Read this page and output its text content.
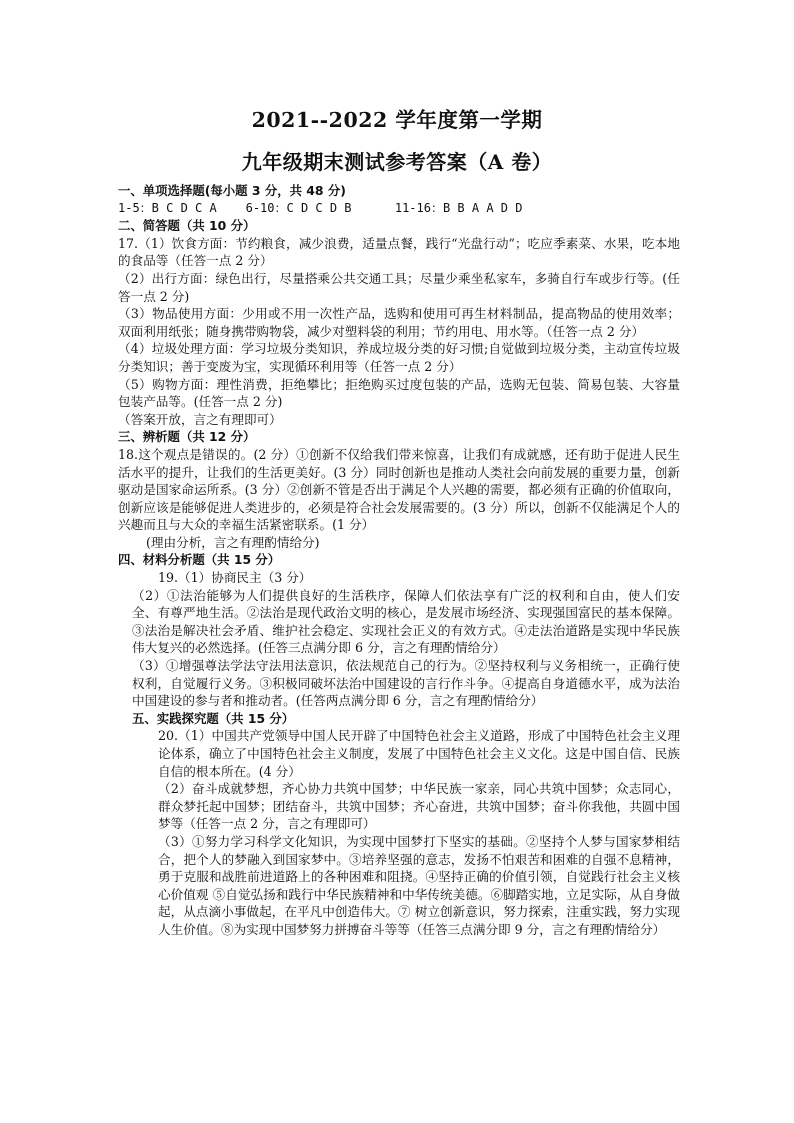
2021--2022 学年度第一学期
九年级期末测试参考答案（A 卷）
一、单项选择题(每小题 3 分，共 48 分)
1-5：B C D C A    6-10：C D C D B      11-16：B B A A D D
二、简答题（共 10 分）

17.（1）饮食方面：节约粮食，减少浪费，适量点餐，践行“光盘行动”；吃应季素菜、水果，吃本地的食品等（任答一点 2 分）

（2）出行方面：绿色出行，尽量搭乘公共交通工具；尽量少乘坐私家车，多骑自行车或步行等。(任答一点 2 分)

（3）物品使用方面：少用或不用一次性产品，选购和使用可再生材料制品，提高物品的使用效率；双面利用纸张；随身携带购物袋，减少对塑料袋的利用；节约用电、用水等。（任答一点 2 分）

（4）垃圾处理方面：学习垃圾分类知识，养成垃圾分类的好习惯;自觉做到垃圾分类，主动宣传垃圾分类知识；善于变废为宝，实现循环利用等（任答一点 2 分）

（5）购物方面：理性消费，拒绝攀比；拒绝购买过度包装的产品，选购无包装、简易包装、大容量包装产品等。(任答一点 2 分)

（答案开放，言之有理即可）

三、辨析题（共 12 分）

18.这个观点是错误的。(2 分）①创新不仅给我们带来惊喜，让我们有成就感，还有助于促进人民生活水平的提升，让我们的生活更美好。(3 分）同时创新也是推动人类社会向前发展的重要力量，创新驱动是国家命运所系。(3 分）②创新不管是否出于满足个人兴趣的需要，都必须有正确的价值取向，创新应该是能够促进人类进步的，必须是符合社会发展需要的。(3 分）所以，创新不仅能满足个人的兴趣而且与大众的幸福生活紧密联系。(1 分）

(理由分析，言之有理酌情给分)

四、材料分析题（共 15 分）

19.（1）协商民主（3 分）

（2）①法治能够为人们提供良好的生活秩序，保障人们依法享有广泛的权利和自由，使人们安全、有尊严地生活。②法治是现代政治文明的核心，是发展市场经济、实现强国富民的基本保障。③法治是解决社会矛盾、维护社会稳定、实现社会正义的有效方式。④走法治道路是实现中华民族伟大复兴的必然选择。(任答三点满分即 6 分，言之有理酌情给分）

（3）①增强尊法学法守法用法意识，依法规范自己的行为。②坚持权利与义务相统一，正确行使权利，自觉履行义务。③积极同破坏法治中国建设的言行作斗争。④提高自身道德水平，成为法治中国建设的参与者和推动者。(任答两点满分即 6 分，言之有理酌情给分）

五、实践探究题（共 15 分）

20.（1）中国共产党领导中国人民开辟了中国特色社会主义道路，形成了中国特色社会主义理论体系，确立了中国特色社会主义制度，发展了中国特色社会主义文化。这是中国自信、民族自信的根本所在。(4 分）

（2）奋斗成就梦想，齐心协力共筑中国梦；中华民族一家亲，同心共筑中国梦；众志同心，群众梦托起中国梦；团结奋斗，共筑中国梦；齐心奋进，共筑中国梦；奋斗你我他，共圆中国梦等（任答一点 2 分，言之有理即可）

（3）①努力学习科学文化知识，为实现中国梦打下坚实的基础。②坚持个人梦与国家梦相结合，把个人的梦融入到国家梦中。③培养坚强的意志，发扬不怕艰苦和困难的自强不息精神，勇于克服和战胜前进道路上的各种困难和阻挠。④坚持正确的价值引领，自觉践行社会主义核心价值观 ⑤自觉弘扬和践行中华民族精神和中华传统美德。⑥脚踏实地，立足实际，从自身做起，从点滴小事做起，在平凡中创造伟大。⑦ 树立创新意识，努力探索，注重实践，努力实现人生价值。⑧为实现中国梦努力拼搏奋斗等等（任答三点满分即 9 分，言之有理酌情给分）
